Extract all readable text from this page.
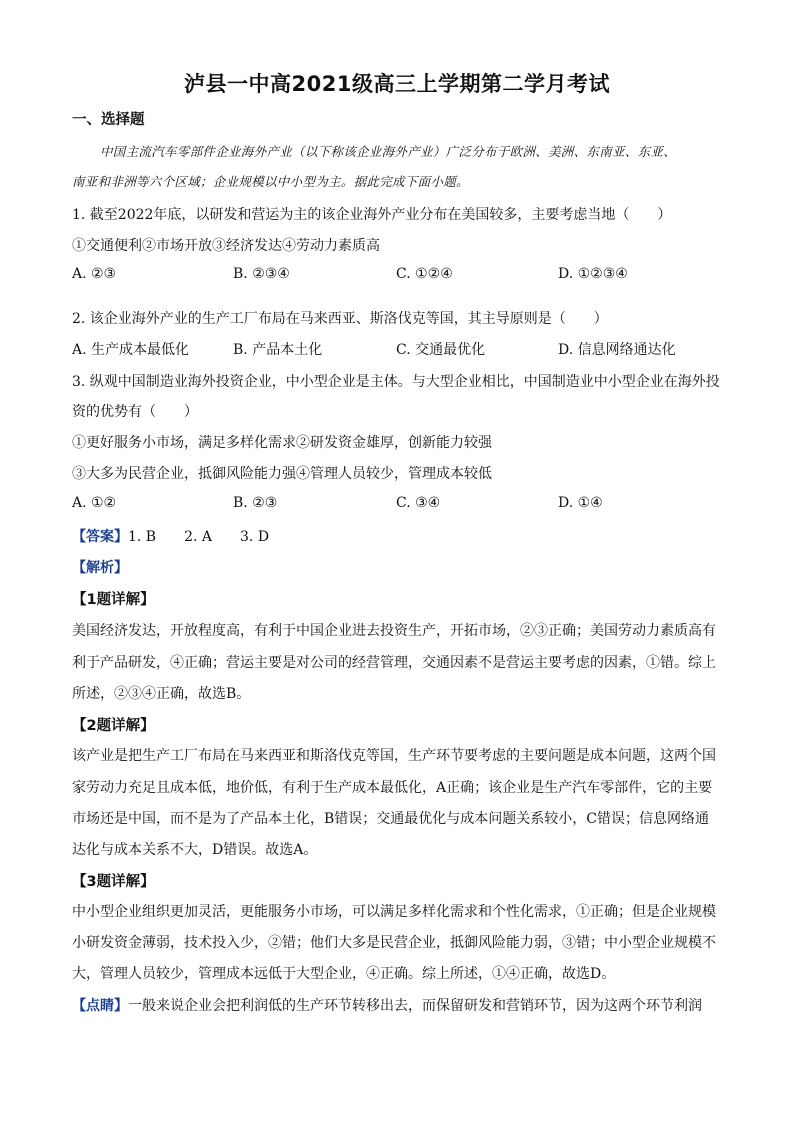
泸县一中高2021级高三上学期第二学月考试
一、选择题
中国主流汽车零部件企业海外产业（以下称该企业海外产业）广泛分布于欧洲、美洲、东南亚、东亚、
南亚和非洲等六个区域；企业规模以中小型为主。据此完成下面小题。
1. 截至2022年底，以研发和营运为主的该企业海外产业分布在美国较多，主要考虑当地（　　）
①交通便利②市场开放③经济发达④劳动力素质高
A. ②③	B. ②③④	C. ①②④	D. ①②③④
2. 该企业海外产业的生产工厂布局在马来西亚、斯洛伐克等国，其主导原则是（　　）
A. 生产成本最低化	B. 产品本土化	C. 交通最优化	D. 信息网络通达化
3. 纵观中国制造业海外投资企业，中小型企业是主体。与大型企业相比，中国制造业中小型企业在海外投
资的优势有（　　）
①更好服务小市场，满足多样化需求②研发资金雄厚，创新能力较强
③大多为民营企业，抵御风险能力强④管理人员较少，管理成本较低
A. ①②	B. ②③	C. ③④	D. ①④
【答案】1. B　　2. A　　3. D
【解析】
【1题详解】
美国经济发达，开放程度高，有利于中国企业进去投资生产，开拓市场，②③正确；美国劳动力素质高有
利于产品研发，④正确；营运主要是对公司的经营管理，交通因素不是营运主要考虑的因素，①错。综上
所述，②③④正确，故选B。
【2题详解】
该产业是把生产工厂布局在马来西亚和斯洛伐克等国，生产环节要考虑的主要问题是成本问题，这两个国
家劳动力充足且成本低，地价低，有利于生产成本最低化，A正确；该企业是生产汽车零部件，它的主要
市场还是中国，而不是为了产品本土化，B错误；交通最优化与成本问题关系较小，C错误；信息网络通
达化与成本关系不大，D错误。故选A。
【3题详解】
中小型企业组织更加灵活，更能服务小市场，可以满足多样化需求和个性化需求，①正确；但是企业规模
小研发资金薄弱，技术投入少，②错；他们大多是民营企业，抵御风险能力弱，③错；中小型企业规模不
大，管理人员较少，管理成本远低于大型企业，④正确。综上所述，①④正确，故选D。
【点睛】一般来说企业会把利润低的生产环节转移出去，而保留研发和营销环节，因为这两个环节利润
